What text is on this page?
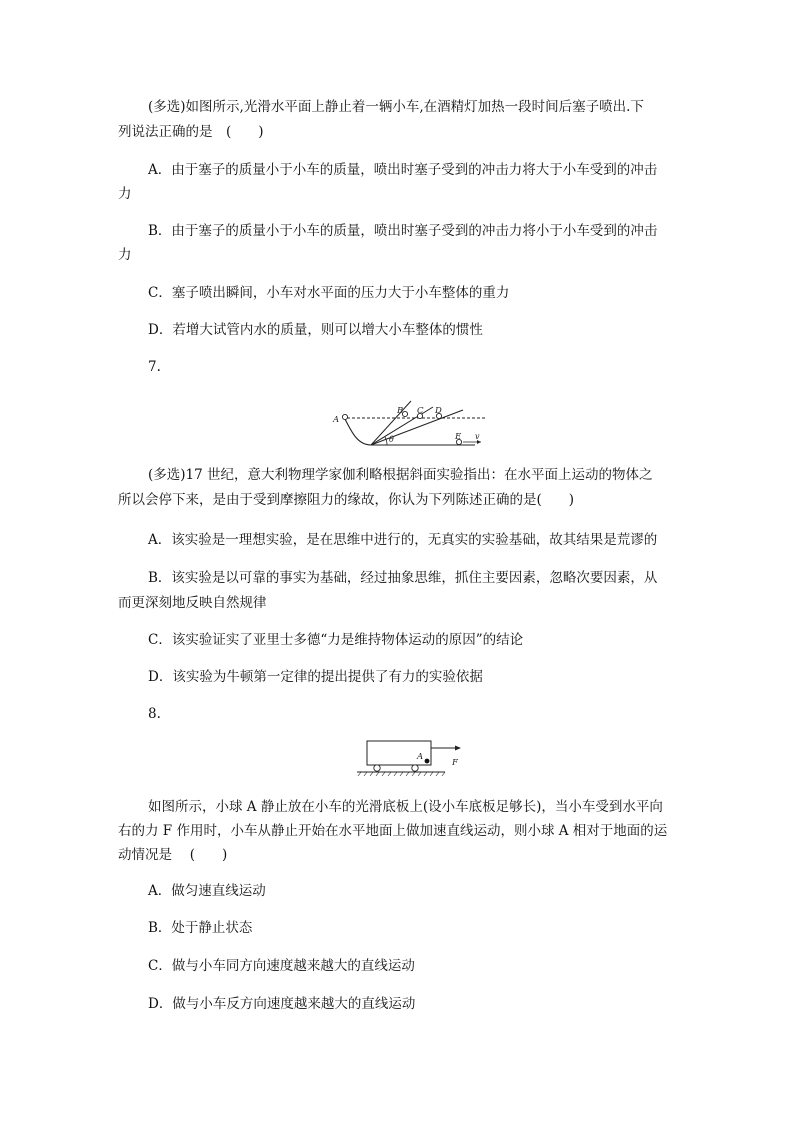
(多选)如图所示,光滑水平面上静止着一辆小车,在酒精灯加热一段时间后塞子喷出.下
列说法正确的是　(　　)
A．由于塞子的质量小于小车的质量，喷出时塞子受到的冲击力将大于小车受到的冲击
力
B．由于塞子的质量小于小车的质量，喷出时塞子受到的冲击力将小于小车受到的冲击
力
C．塞子喷出瞬间，小车对水平面的压力大于小车整体的重力
D．若增大试管内水的质量，则可以增大小车整体的惯性
7.
A
B C D
E
θ	v
(多选)17 世纪，意大利物理学家伽利略根据斜面实验指出：在水平面上运动的物体之
所以会停下来，是由于受到摩擦阻力的缘故，你认为下列陈述正确的是(　　)
A．该实验是一理想实验，是在思维中进行的，无真实的实验基础，故其结果是荒谬的
B．该实验是以可靠的事实为基础，经过抽象思维，抓住主要因素，忽略次要因素，从
而更深刻地反映自然规律
C．该实验证实了亚里士多德“力是维持物体运动的原因”的结论
D．该实验为牛顿第一定律的提出提供了有力的实验依据
8.
A
F
如图所示，小球 A 静止放在小车的光滑底板上(设小车底板足够长)，当小车受到水平向
右的力 F 作用时，小车从静止开始在水平地面上做加速直线运动，则小球 A 相对于地面的运
动情况是　 (　　)
A．做匀速直线运动
B．处于静止状态
C．做与小车同方向速度越来越大的直线运动
D．做与小车反方向速度越来越大的直线运动
